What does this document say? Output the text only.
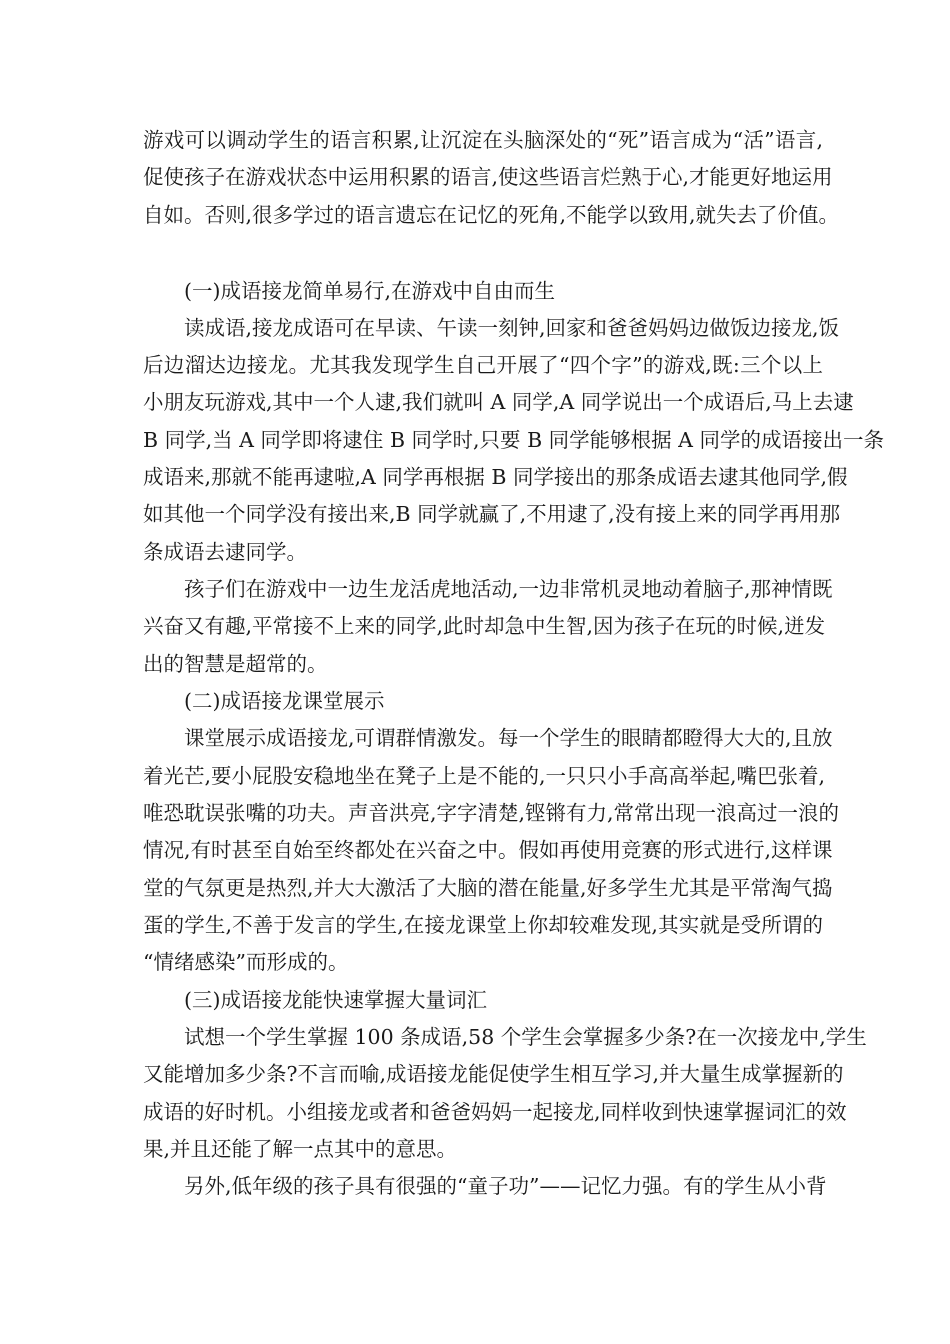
游戏可以调动学生的语言积累,让沉淀在头脑深处的“死”语言成为“活”语言,
促使孩子在游戏状态中运用积累的语言,使这些语言烂熟于心,才能更好地运用
自如。否则,很多学过的语言遗忘在记忆的死角,不能学以致用,就失去了价值。
(一)成语接龙简单易行,在游戏中自由而生
读成语,接龙成语可在早读、午读一刻钟,回家和爸爸妈妈边做饭边接龙,饭
后边溜达边接龙。尤其我发现学生自己开展了“四个字”的游戏,既:三个以上
小朋友玩游戏,其中一个人逮,我们就叫 A 同学,A 同学说出一个成语后,马上去逮
B 同学,当 A 同学即将逮住 B 同学时,只要 B 同学能够根据 A 同学的成语接出一条
成语来,那就不能再逮啦,A 同学再根据 B 同学接出的那条成语去逮其他同学,假
如其他一个同学没有接出来,B 同学就赢了,不用逮了,没有接上来的同学再用那
条成语去逮同学。
孩子们在游戏中一边生龙活虎地活动,一边非常机灵地动着脑子,那神情既
兴奋又有趣,平常接不上来的同学,此时却急中生智,因为孩子在玩的时候,迸发
出的智慧是超常的。
(二)成语接龙课堂展示
课堂展示成语接龙,可谓群情激发。每一个学生的眼睛都瞪得大大的,且放
着光芒,要小屁股安稳地坐在凳子上是不能的,一只只小手高高举起,嘴巴张着,
唯恐耽误张嘴的功夫。声音洪亮,字字清楚,铿锵有力,常常出现一浪高过一浪的
情况,有时甚至自始至终都处在兴奋之中。假如再使用竞赛的形式进行,这样课
堂的气氛更是热烈,并大大激活了大脑的潜在能量,好多学生尤其是平常淘气捣
蛋的学生,不善于发言的学生,在接龙课堂上你却较难发现,其实就是受所谓的
“情绪感染”而形成的。
(三)成语接龙能快速掌握大量词汇
试想一个学生掌握 100 条成语,58 个学生会掌握多少条?在一次接龙中,学生
又能增加多少条?不言而喻,成语接龙能促使学生相互学习,并大量生成掌握新的
成语的好时机。小组接龙或者和爸爸妈妈一起接龙,同样收到快速掌握词汇的效
果,并且还能了解一点其中的意思。
另外,低年级的孩子具有很强的“童子功”——记忆力强。有的学生从小背
